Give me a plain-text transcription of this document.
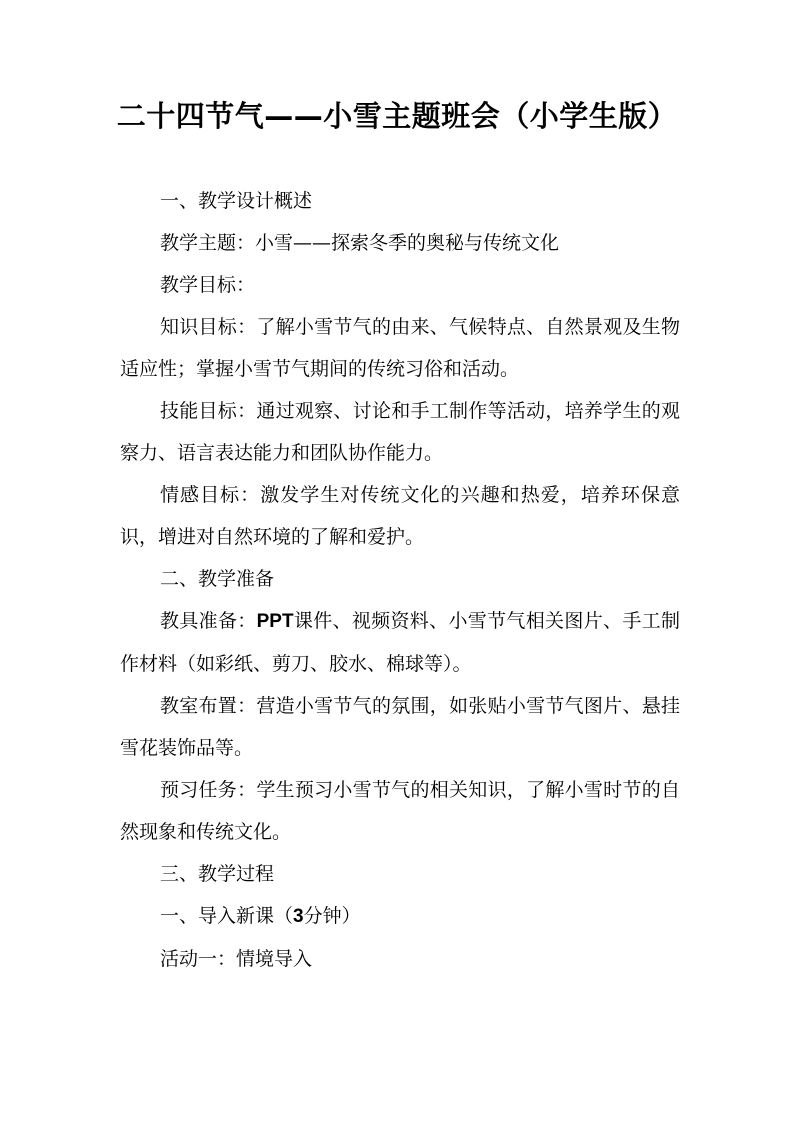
二十四节气——小雪主题班会（小学生版）

一、教学设计概述

教学主题：小雪——探索冬季的奥秘与传统文化

教学目标：

知识目标：了解小雪节气的由来、气候特点、自然景观及生物适应性；掌握小雪节气期间的传统习俗和活动。

技能目标：通过观察、讨论和手工制作等活动，培养学生的观察力、语言表达能力和团队协作能力。

情感目标：激发学生对传统文化的兴趣和热爱，培养环保意识，增进对自然环境的了解和爱护。

二、教学准备

教具准备：PPT课件、视频资料、小雪节气相关图片、手工制作材料（如彩纸、剪刀、胶水、棉球等）。

教室布置：营造小雪节气的氛围，如张贴小雪节气图片、悬挂雪花装饰品等。

预习任务：学生预习小雪节气的相关知识，了解小雪时节的自然现象和传统文化。

三、教学过程

一、导入新课（3分钟）

活动一：情境导入
